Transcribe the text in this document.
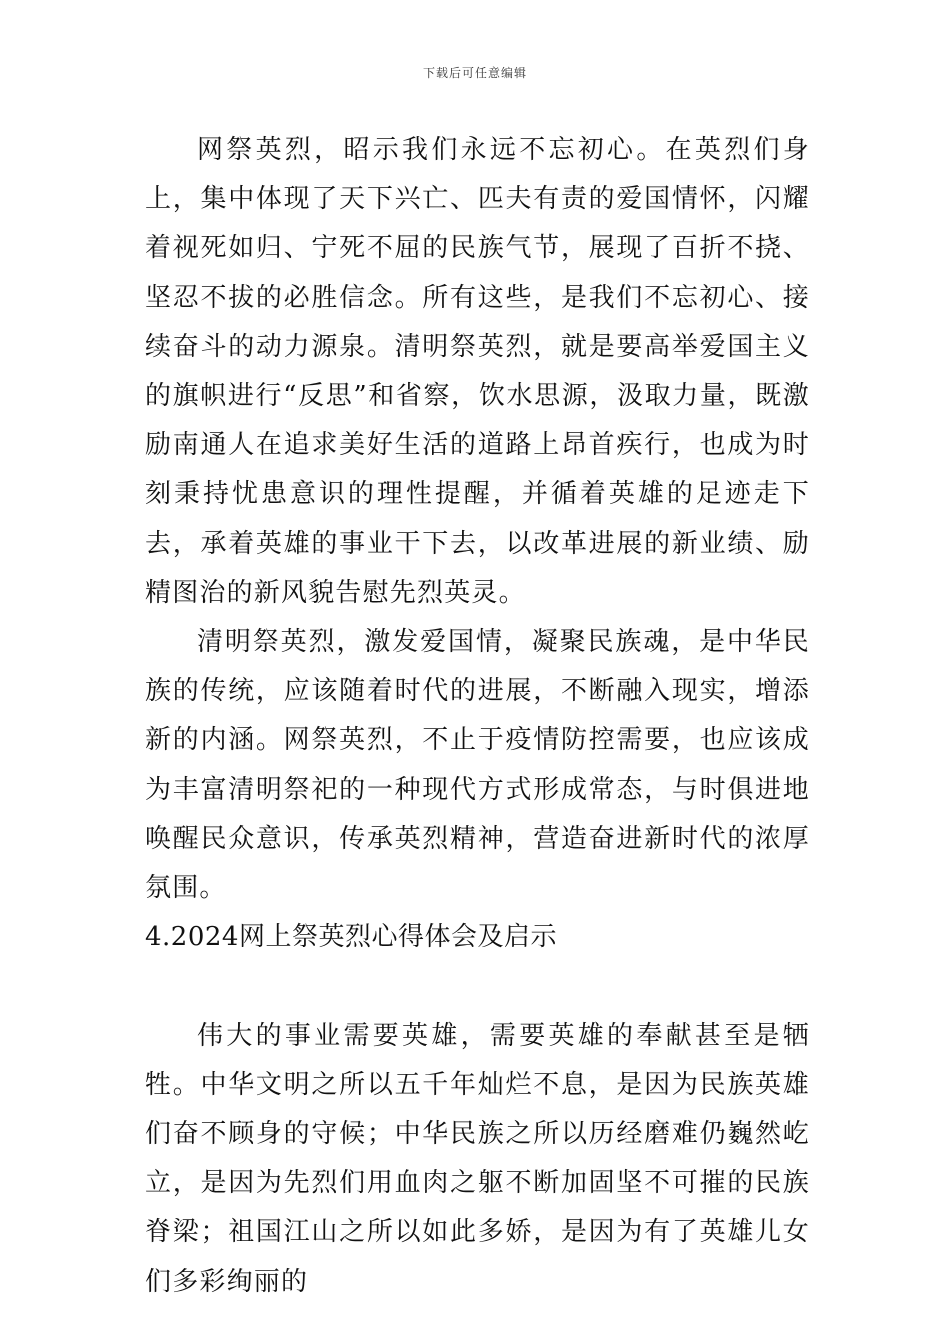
下载后可任意编辑

网祭英烈，昭示我们永远不忘初心。在英烈们身上，集中体现了天下兴亡、匹夫有责的爱国情怀，闪耀着视死如归、宁死不屈的民族气节，展现了百折不挠、坚忍不拔的必胜信念。所有这些，是我们不忘初心、接续奋斗的动力源泉。清明祭英烈，就是要高举爱国主义的旗帜进行“反思”和省察，饮水思源，汲取力量，既激励南通人在追求美好生活的道路上昂首疾行，也成为时刻秉持忧患意识的理性提醒，并循着英雄的足迹走下去，承着英雄的事业干下去，以改革进展的新业绩、励精图治的新风貌告慰先烈英灵。

清明祭英烈，激发爱国情，凝聚民族魂，是中华民族的传统，应该随着时代的进展，不断融入现实，增添新的内涵。网祭英烈，不止于疫情防控需要，也应该成为丰富清明祭祀的一种现代方式形成常态，与时俱进地唤醒民众意识，传承英烈精神，营造奋进新时代的浓厚氛围。

4.2024网上祭英烈心得体会及启示

伟大的事业需要英雄，需要英雄的奉献甚至是牺牲。中华文明之所以五千年灿烂不息，是因为民族英雄们奋不顾身的守候；中华民族之所以历经磨难仍巍然屹立，是因为先烈们用血肉之躯不断加固坚不可摧的民族脊梁；祖国江山之所以如此多娇，是因为有了英雄儿女们多彩绚丽的
